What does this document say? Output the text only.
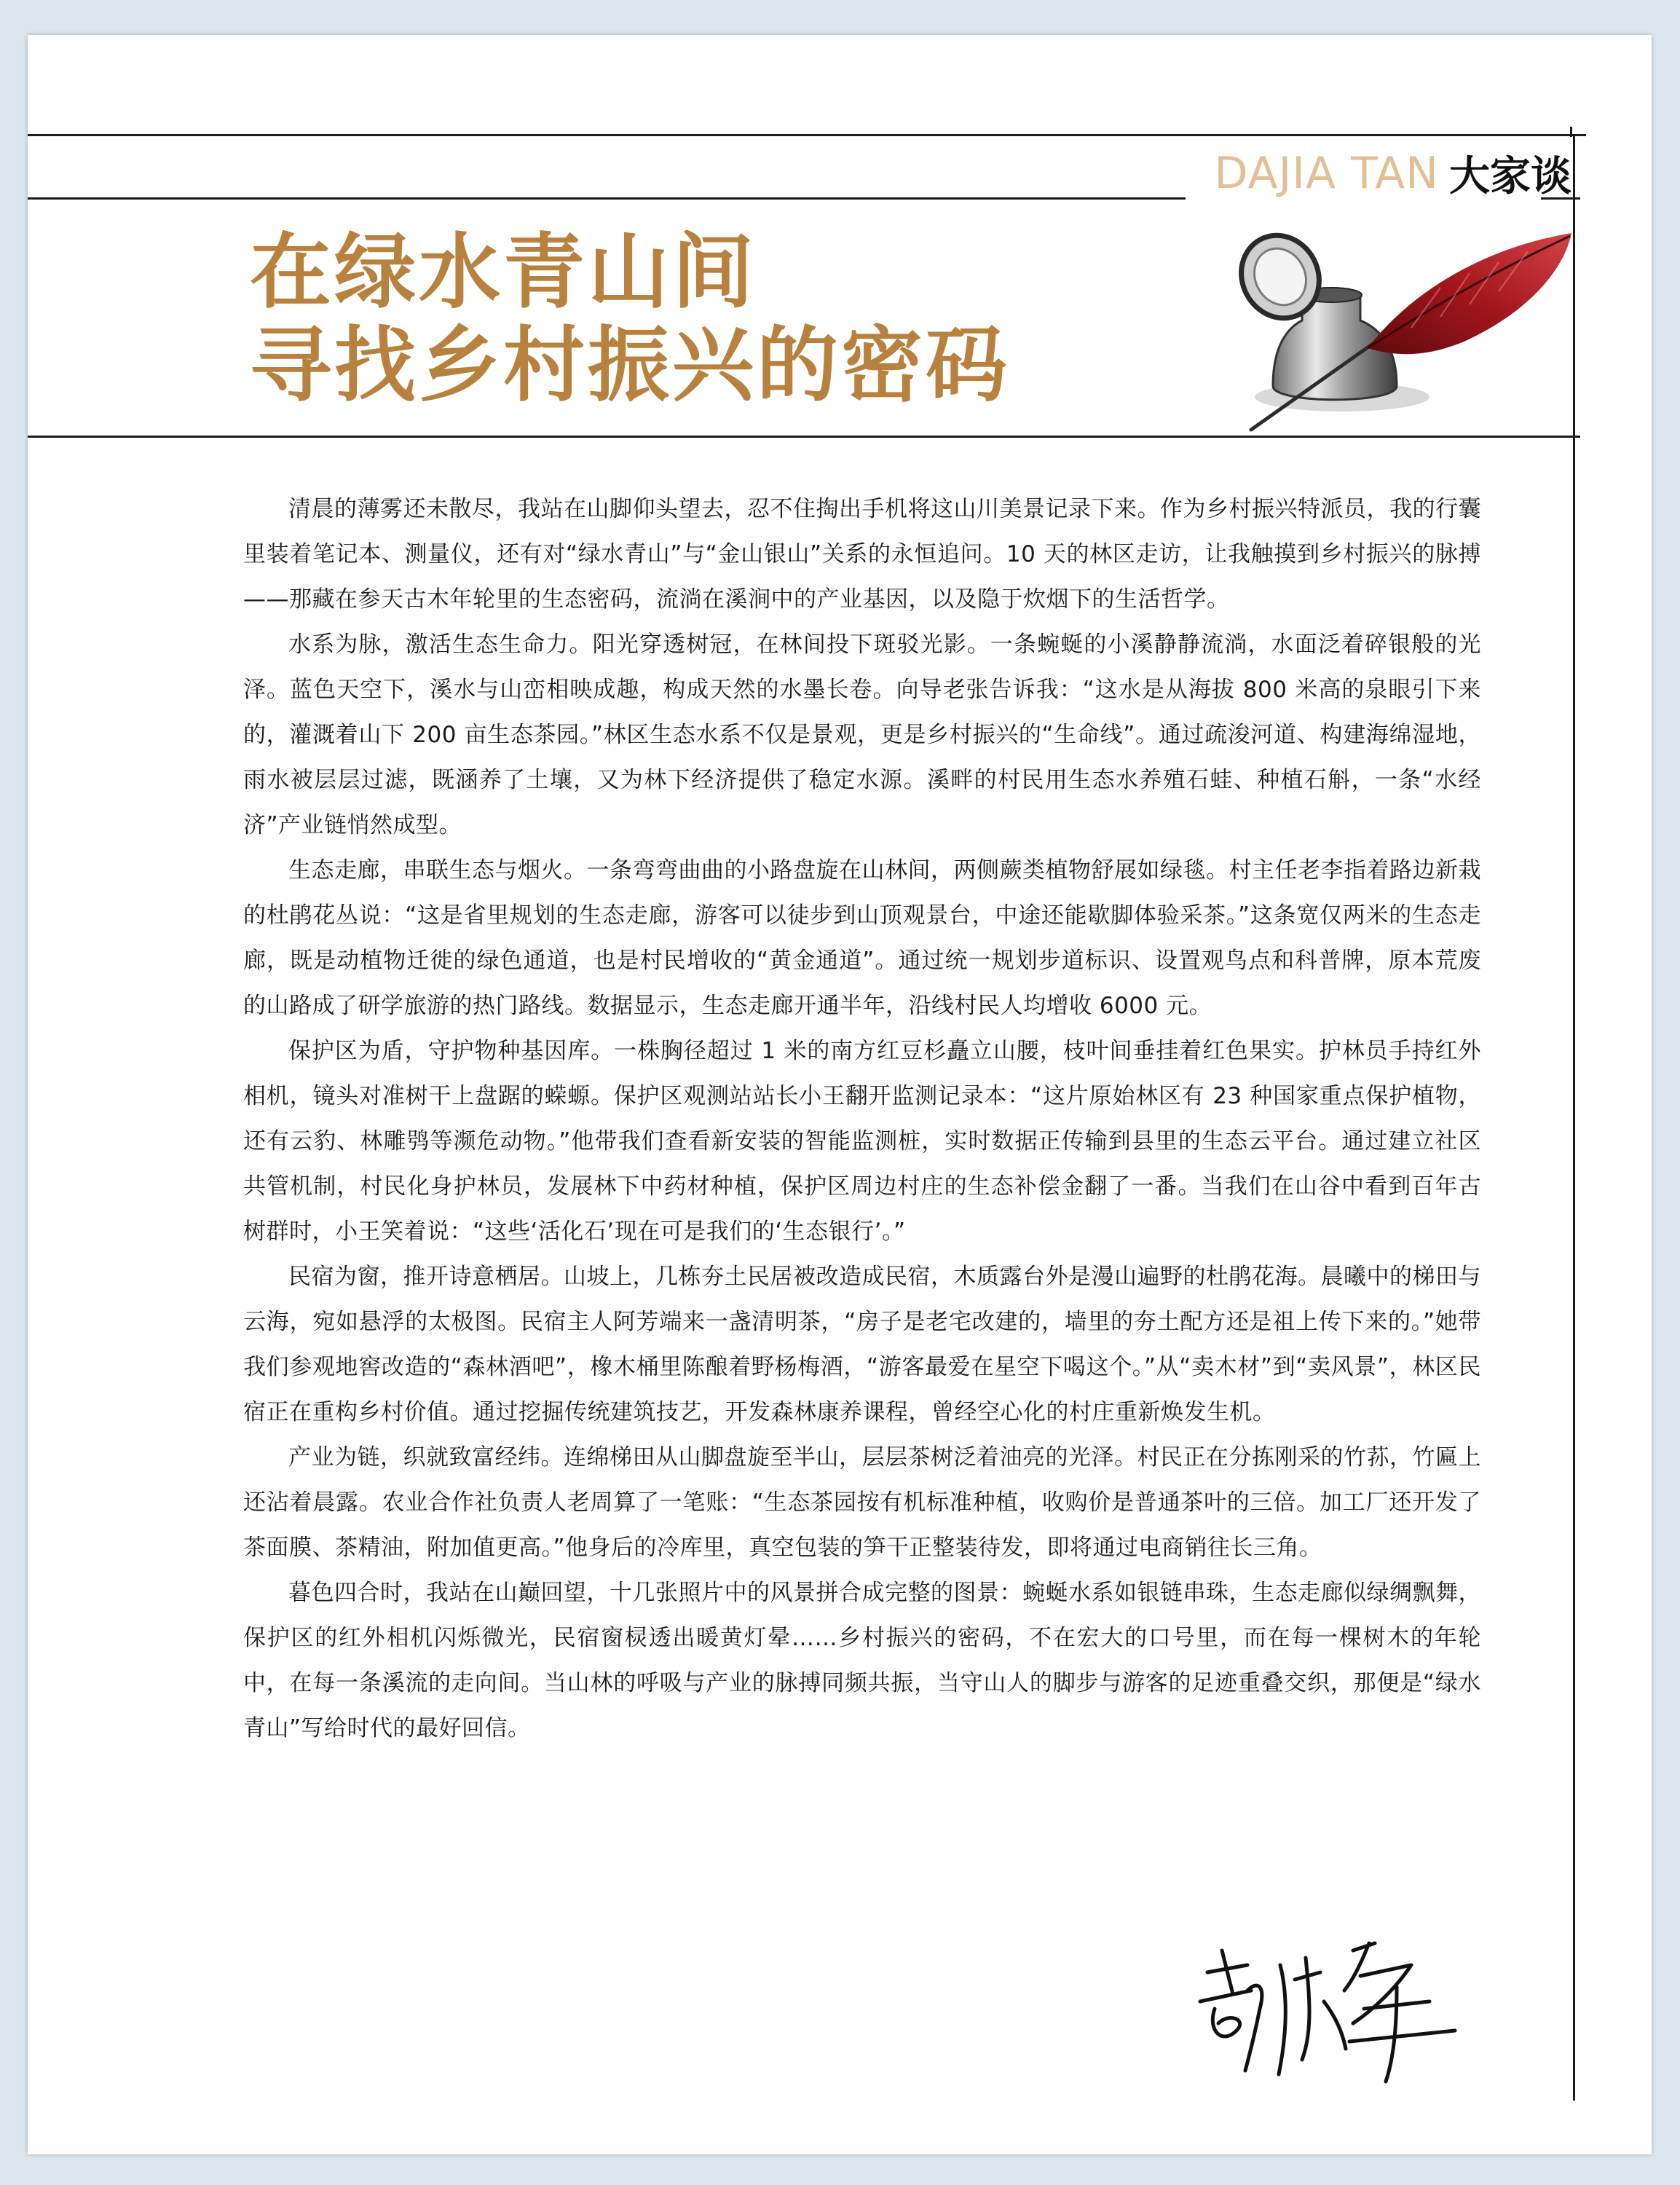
DAJIA TAN 大家谈
在绿水青山间
寻找乡村振兴的密码

清晨的薄雾还未散尽，我站在山脚仰头望去，忍不住掏出手机将这山川美景记录下来。作为乡村振兴特派员，我的行囊里装着笔记本、测量仪，还有对“绿水青山”与“金山银山”关系的永恒追问。10 天的林区走访，让我触摸到乡村振兴的脉搏——那藏在参天古木年轮里的生态密码，流淌在溪涧中的产业基因，以及隐于炊烟下的生活哲学。

水系为脉，激活生态生命力。阳光穿透树冠，在林间投下斑驳光影。一条蜿蜒的小溪静静流淌，水面泛着碎银般的光泽。蓝色天空下，溪水与山峦相映成趣，构成天然的水墨长卷。向导老张告诉我：“这水是从海拔 800 米高的泉眼引下来的，灌溉着山下 200 亩生态茶园。”林区生态水系不仅是景观，更是乡村振兴的“生命线”。通过疏浚河道、构建海绵湿地，雨水被层层过滤，既涵养了土壤，又为林下经济提供了稳定水源。溪畔的村民用生态水养殖石蛙、种植石斛，一条“水经济”产业链悄然成型。

生态走廊，串联生态与烟火。一条弯弯曲曲的小路盘旋在山林间，两侧蕨类植物舒展如绿毯。村主任老李指着路边新栽的杜鹃花丛说：“这是省里规划的生态走廊，游客可以徒步到山顶观景台，中途还能歇脚体验采茶。”这条宽仅两米的生态走廊，既是动植物迁徙的绿色通道，也是村民增收的“黄金通道”。通过统一规划步道标识、设置观鸟点和科普牌，原本荒废的山路成了研学旅游的热门路线。数据显示，生态走廊开通半年，沿线村民人均增收 6000 元。

保护区为盾，守护物种基因库。一株胸径超过 1 米的南方红豆杉矗立山腰，枝叶间垂挂着红色果实。护林员手持红外相机，镜头对准树干上盘踞的蝾螈。保护区观测站站长小王翻开监测记录本：“这片原始林区有 23 种国家重点保护植物，还有云豹、林雕鸮等濒危动物。”他带我们查看新安装的智能监测桩，实时数据正传输到县里的生态云平台。通过建立社区共管机制，村民化身护林员，发展林下中药材种植，保护区周边村庄的生态补偿金翻了一番。当我们在山谷中看到百年古树群时，小王笑着说：“这些‘活化石’现在可是我们的‘生态银行’。”

民宿为窗，推开诗意栖居。山坡上，几栋夯土民居被改造成民宿，木质露台外是漫山遍野的杜鹃花海。晨曦中的梯田与云海，宛如悬浮的太极图。民宿主人阿芳端来一盏清明茶，“房子是老宅改建的，墙里的夯土配方还是祖上传下来的。”她带我们参观地窖改造的“森林酒吧”，橡木桶里陈酿着野杨梅酒，“游客最爱在星空下喝这个。”从“卖木材”到“卖风景”，林区民宿正在重构乡村价值。通过挖掘传统建筑技艺，开发森林康养课程，曾经空心化的村庄重新焕发生机。

产业为链，织就致富经纬。连绵梯田从山脚盘旋至半山，层层茶树泛着油亮的光泽。村民正在分拣刚采的竹荪，竹匾上还沾着晨露。农业合作社负责人老周算了一笔账：“生态茶园按有机标准种植，收购价是普通茶叶的三倍。加工厂还开发了茶面膜、茶精油，附加值更高。”他身后的冷库里，真空包装的笋干正整装待发，即将通过电商销往长三角。

暮色四合时，我站在山巅回望，十几张照片中的风景拼合成完整的图景：蜿蜒水系如银链串珠，生态走廊似绿绸飘舞，保护区的红外相机闪烁微光，民宿窗棂透出暖黄灯晕……乡村振兴的密码，不在宏大的口号里，而在每一棵树木的年轮中，在每一条溪流的走向间。当山林的呼吸与产业的脉搏同频共振，当守山人的脚步与游客的足迹重叠交织，那便是“绿水青山”写给时代的最好回信。
